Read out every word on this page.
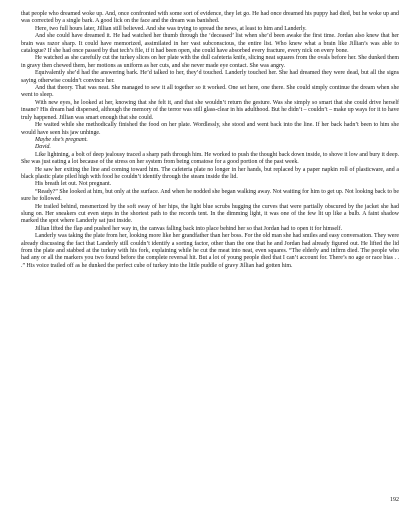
that people who dreamed woke up. And, once confronted with some sort of evidence, they let go. He had once dreamed his puppy had died, but he woke up and was corrected by a single bark. A good lick on the face and the dream was banished.

Here, two full hours later, Jillian still believed. And she was trying to spread the news, at least to him and Landerly.

And she could have dreamed it. He had watched her thumb through the ‘deceased’ list when she’d been awake the first time. Jordan also knew that her brain was razor sharp. It could have memorized, assimilated in her vast subconscious, the entire list. Who knew what a brain like Jillian’s was able to catalogue? If she had once passed by that tech’s file, if it had been open, she could have absorbed every fracture, every nick on every bone.

He watched as she carefully cut the turkey slices on her plate with the dull cafeteria knife, slicing neat squares from the ovals before her. She dunked them in gravy then chewed them, her motions as uniform as her cuts, and she never made eye contact. She was angry.

Equivalently she’d had the answering bark. He’d talked to her, they’d touched. Landerly touched her. She had dreamed they were dead, but all the signs saying otherwise couldn’t convince her.

And that theory. That was neat. She managed to sew it all together so it worked. One set here, one there. She could simply continue the dream when she went to sleep.

With new eyes, he looked at her, knowing that she felt it, and that she wouldn’t return the gesture. Was she simply so smart that she could drive herself insane? His dream had dispersed, although the memory of the terror was still glass-clear in his adulthood. But he didn’t – couldn’t – make up ways for it to have truly happened. Jillian was smart enough that she could.

He waited while she methodically finished the food on her plate. Wordlessly, she stood and went back into the line. If her back hadn’t been to him she would have seen his jaw unhinge.

Maybe she’s pregnant.

David.

Like lightning, a bolt of deep jealousy traced a sharp path through him. He worked to push the thought back down inside, to shove it low and bury it deep. She was just eating a lot because of the stress on her system from being comatose for a good portion of the past week.

He saw her exiting the line and coming toward him. The cafeteria plate no longer in her hands, but replaced by a paper napkin roll of plasticware, and a black plastic plate piled high with food he couldn’t identify through the steam inside the lid.

His breath let out. Not pregnant.

“Ready?” She looked at him, but only at the surface. And when he nodded she began walking away. Not waiting for him to get up. Not looking back to be sure he followed.

He trailed behind, mesmerized by the soft sway of her hips, the light blue scrubs hugging the curves that were partially obscured by the jacket she had slung on. Her sneakers cut even steps in the shortest path to the records tent. In the dimming light, it was one of the few lit up like a bulb. A faint shadow marked the spot where Landerly sat just inside.

Jillian lifted the flap and pushed her way in, the canvas falling back into place behind her so that Jordan had to open it for himself.

Landerly was taking the plate from her, looking more like her grandfather than her boss. For the old man she had smiles and easy conversation. They were already discussing the fact that Landerly still couldn’t identify a sorting factor, other than the one that he and Jordan had already figured out. He lifted the lid from the plate and stabbed at the turkey with his fork, explaining while he cut the meat into neat, even squares. “The elderly and infirm died. The people who had any or all the markers you two found before the complete reversal hit. But a lot of young people died that I can’t account for. There’s no age or race bias . . .” His voice trailed off as he dunked the perfect cube of turkey into the little puddle of gravy Jillian had gotten him.

192
